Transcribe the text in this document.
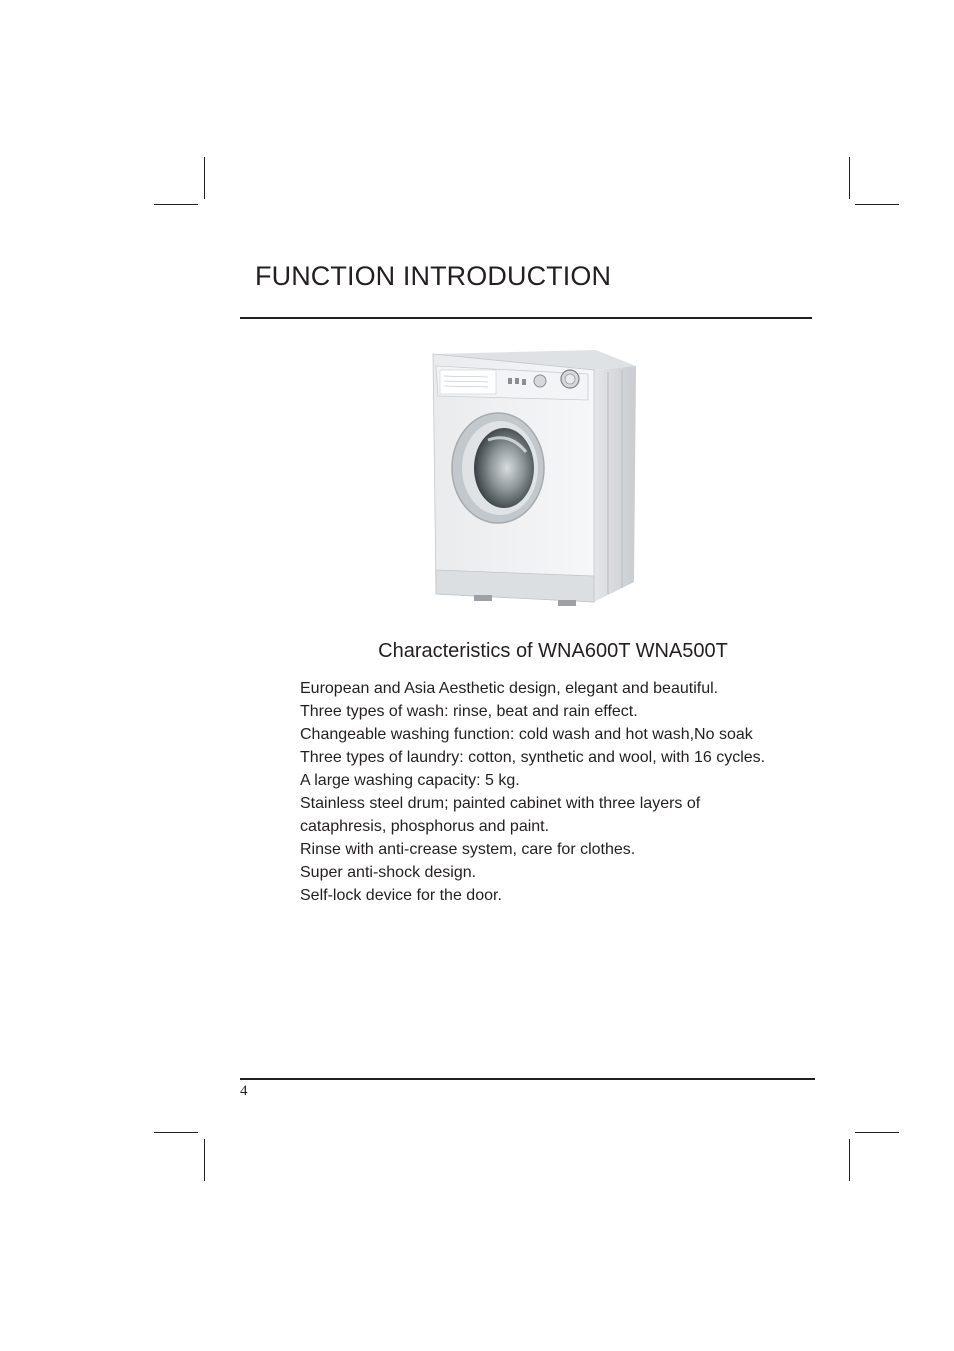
FUNCTION INTRODUCTION
Characteristics of WNA600T WNA500T
European and Asia Aesthetic design, elegant and beautiful.
Three types of wash: rinse, beat and rain effect.
Changeable washing function: cold wash and hot wash,No soak
Three types of laundry: cotton, synthetic and wool, with 16 cycles.
A large washing capacity: 5 kg.
Stainless steel drum; painted cabinet with three layers of
cataphresis, phosphorus and paint.
Rinse with anti-crease system, care for clothes.
Super anti-shock design.
Self-lock device for the door.
4
